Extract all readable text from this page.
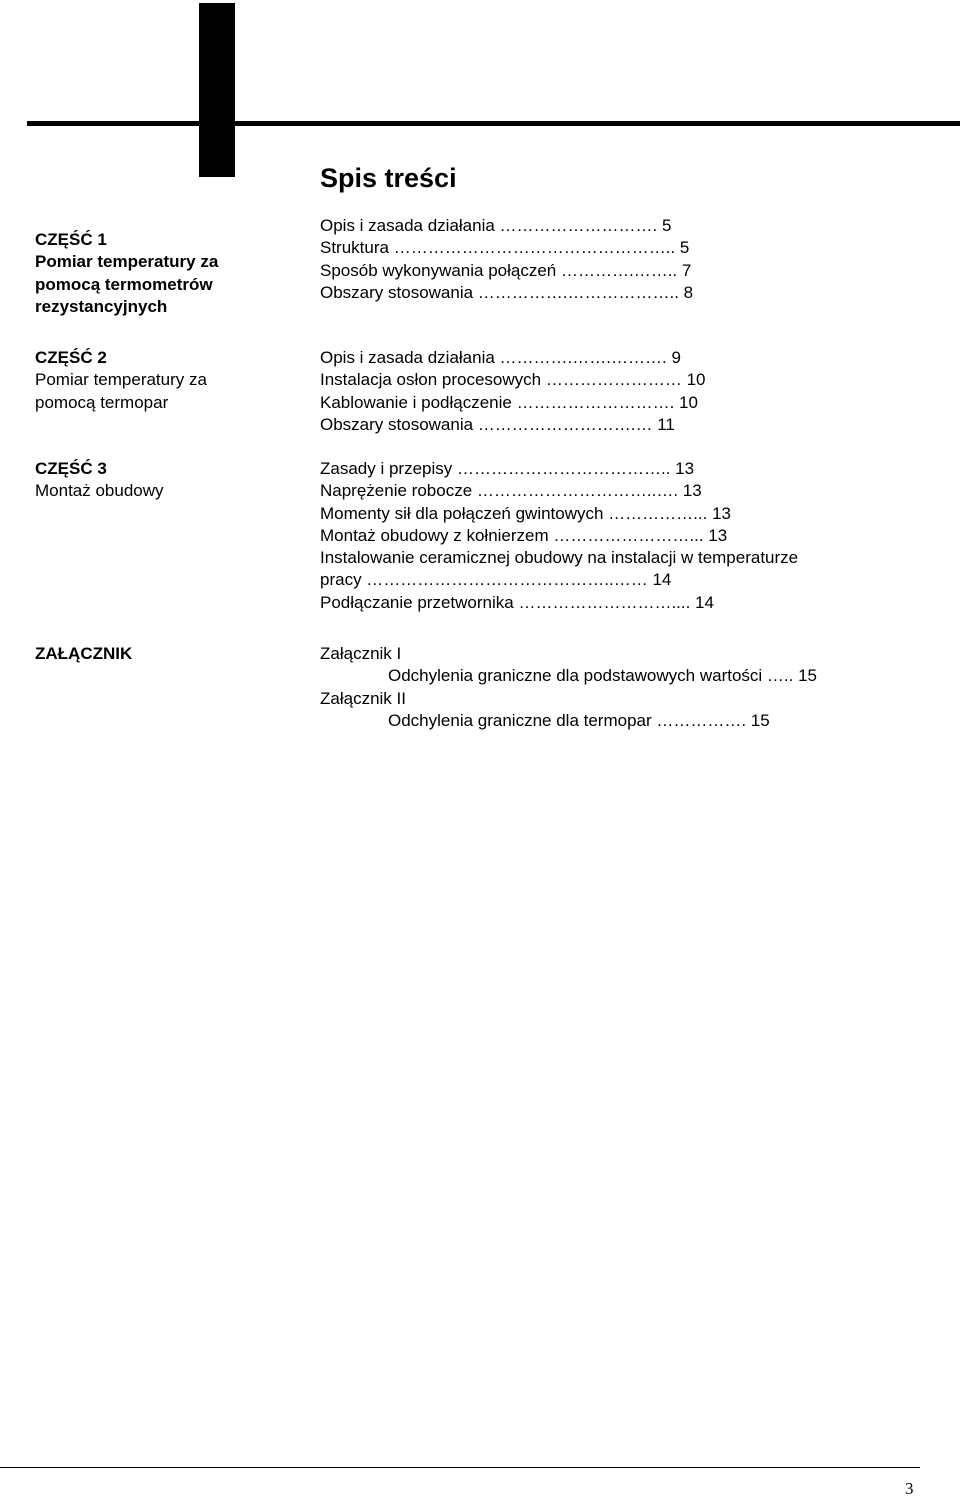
Spis treści
CZĘŚĆ 1
Pomiar temperatury za
pomocą termometrów
rezystancyjnych
Opis i zasada działania ………………………. 5
Struktura ………………………………………….. 5
Sposób wykonywania połączeń ………….…….. 7
Obszary stosowania …………….……………….. 8
CZĘŚĆ 2
Pomiar temperatury za
pomocą termopar
Opis i zasada działania ………….…….………. 9
Instalacja osłon procesowych …………………… 10
Kablowanie i podłączenie ………………………. 10
Obszary stosowania ……………………….… 11
CZĘŚĆ 3
Montaż obudowy
Zasady i przepisy ……………………………….. 13
Naprężenie robocze …………………………..…. 13
Momenty sił dla połączeń gwintowych ……………... 13
Montaż obudowy z kołnierzem ……………………... 13
Instalowanie ceramicznej obudowy na instalacji w temperaturze
pracy ……………………………………..…… 14
Podłączanie przetwornika ……………………….... 14
ZAŁĄCZNIK	Załącznik I
Odchylenia graniczne dla podstawowych wartości ….. 15
Załącznik II
Odchylenia graniczne dla termopar ……………. 15
3
